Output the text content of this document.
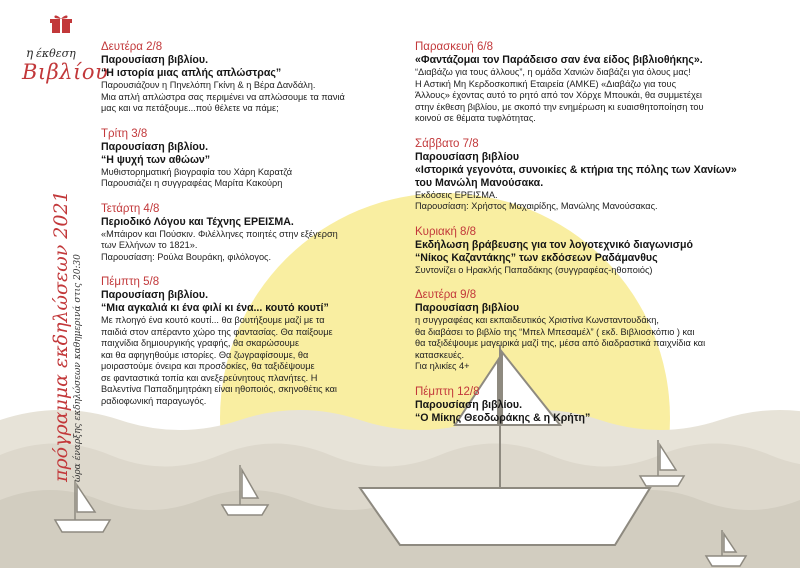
η έκθεση
Βιβλίου
πρόγραμμα εκδηλώσεων 2021 ώρα έναρξης εκδηλώσεων καθημερινά στις 20:30
Δευτέρα 2/8
Παρουσίαση βιβλίου.
“Η ιστορία μιας απλής απλώστρας”
Παρουσιάζουν η Πηνελόπη Γκίνη & η Βέρα Δανδάλη.
Μια απλή απλώστρα σας περιμένει να απλώσουμε τα πανιά
μας και να πετάξουμε...πού θέλετε να πάμε;
Τρίτη 3/8
Παρουσίαση βιβλίου.
“Η ψυχή των αθώων”
Μυθιστορηματική βιογραφία του Χάρη Καρατζά
Παρουσιάζει η συγγραφέας Μαρίτα Κακούρη
Τετάρτη 4/8
Περιοδικό Λόγου και Τέχνης ΕΡΕΙΣΜΑ.
«Μπάιρον και Πούσκιν. Φιλέλληνες ποιητές στην εξέγερση
των Ελλήνων το 1821».
Παρουσίαση: Ρούλα Βουράκη, φιλόλογος.
Πέμπτη 5/8
Παρουσίαση βιβλίου.
“Μια αγκαλιά κι ένα φιλί κι ένα... κουτό κουτί”
Με πλοηγό ένα κουτό κουτί... θα βουτήξουμε μαζί με τα
παιδιά στον απέραντο χώρο της φαντασίας. Θα παίξουμε
παιχνίδια δημιουργικής γραφής, θα σκαρώσουμε
και θα αφηγηθούμε ιστορίες. Θα ζωγραφίσουμε, θα
μοιραστούμε όνειρα και προσδοκίες, θα ταξιδέψουμε
σε φανταστικά τοπία και ανεξερεύνητους πλανήτες. Η
Βαλεντίνα Παπαδημητράκη είναι ηθοποιός, σκηνοθέτις και
ραδιοφωνική παραγωγός.
Παρασκευή 6/8
«Φαντάζομαι τον Παράδεισο σαν ένα είδος βιβλιοθήκης».
“Διαβάζω για τους άλλους”, η ομάδα Χανιών διαβάζει για όλους μας!
Η Αστική Μη Κερδοσκοπική Εταιρεία (ΑΜΚΕ) «Διαβάζω για τους
Άλλους» έχοντας αυτό το ρητό από τον Χόρχε Μπουκάι, θα συμμετέχει
στην έκθεση βιβλίου, με σκοπό την ενημέρωση κι ευαισθητοποίηση του
κοινού σε θέματα τυφλότητας.
Σάββατο 7/8
Παρουσίαση βιβλίου
«Ιστορικά γεγονότα, συνοικίες & κτήρια της πόλης των Χανίων»
του Μανώλη Μανούσακα.
Εκδόσεις ΕΡΕΙΣΜΑ.
Παρουσίαση: Χρήστος Μαχαιρίδης, Μανώλης Μανούσακας.
Κυριακή 8/8
Εκδήλωση βράβευσης για τον λογοτεχνικό διαγωνισμό
“Νίκος Καζαντάκης” των εκδόσεων Ραδάμανθυς
Συντονίζει ο Ηρακλής Παπαδάκης (συγγραφέας-ηθοποιός)
Δευτέρα 9/8
Παρουσίαση βιβλίου
η συγγραφέας και εκπαιδευτικός Χριστίνα Κωνσταντουδάκη,
θα διαβάσει το βιβλίο της “Μπελ Μπεσαμέλ” ( εκδ. Βιβλιοσκόπιο ) και
θα ταξιδέψουμε μαγειρικά μαζί της, μέσα από διαδραστικά παιχνίδια και
κατασκευές.
Για ηλικίες 4+
Πέμπτη 12/8
Παρουσίαση βιβλίου.
“Ο Μίκης Θεοδωράκης & η Κρήτη”
